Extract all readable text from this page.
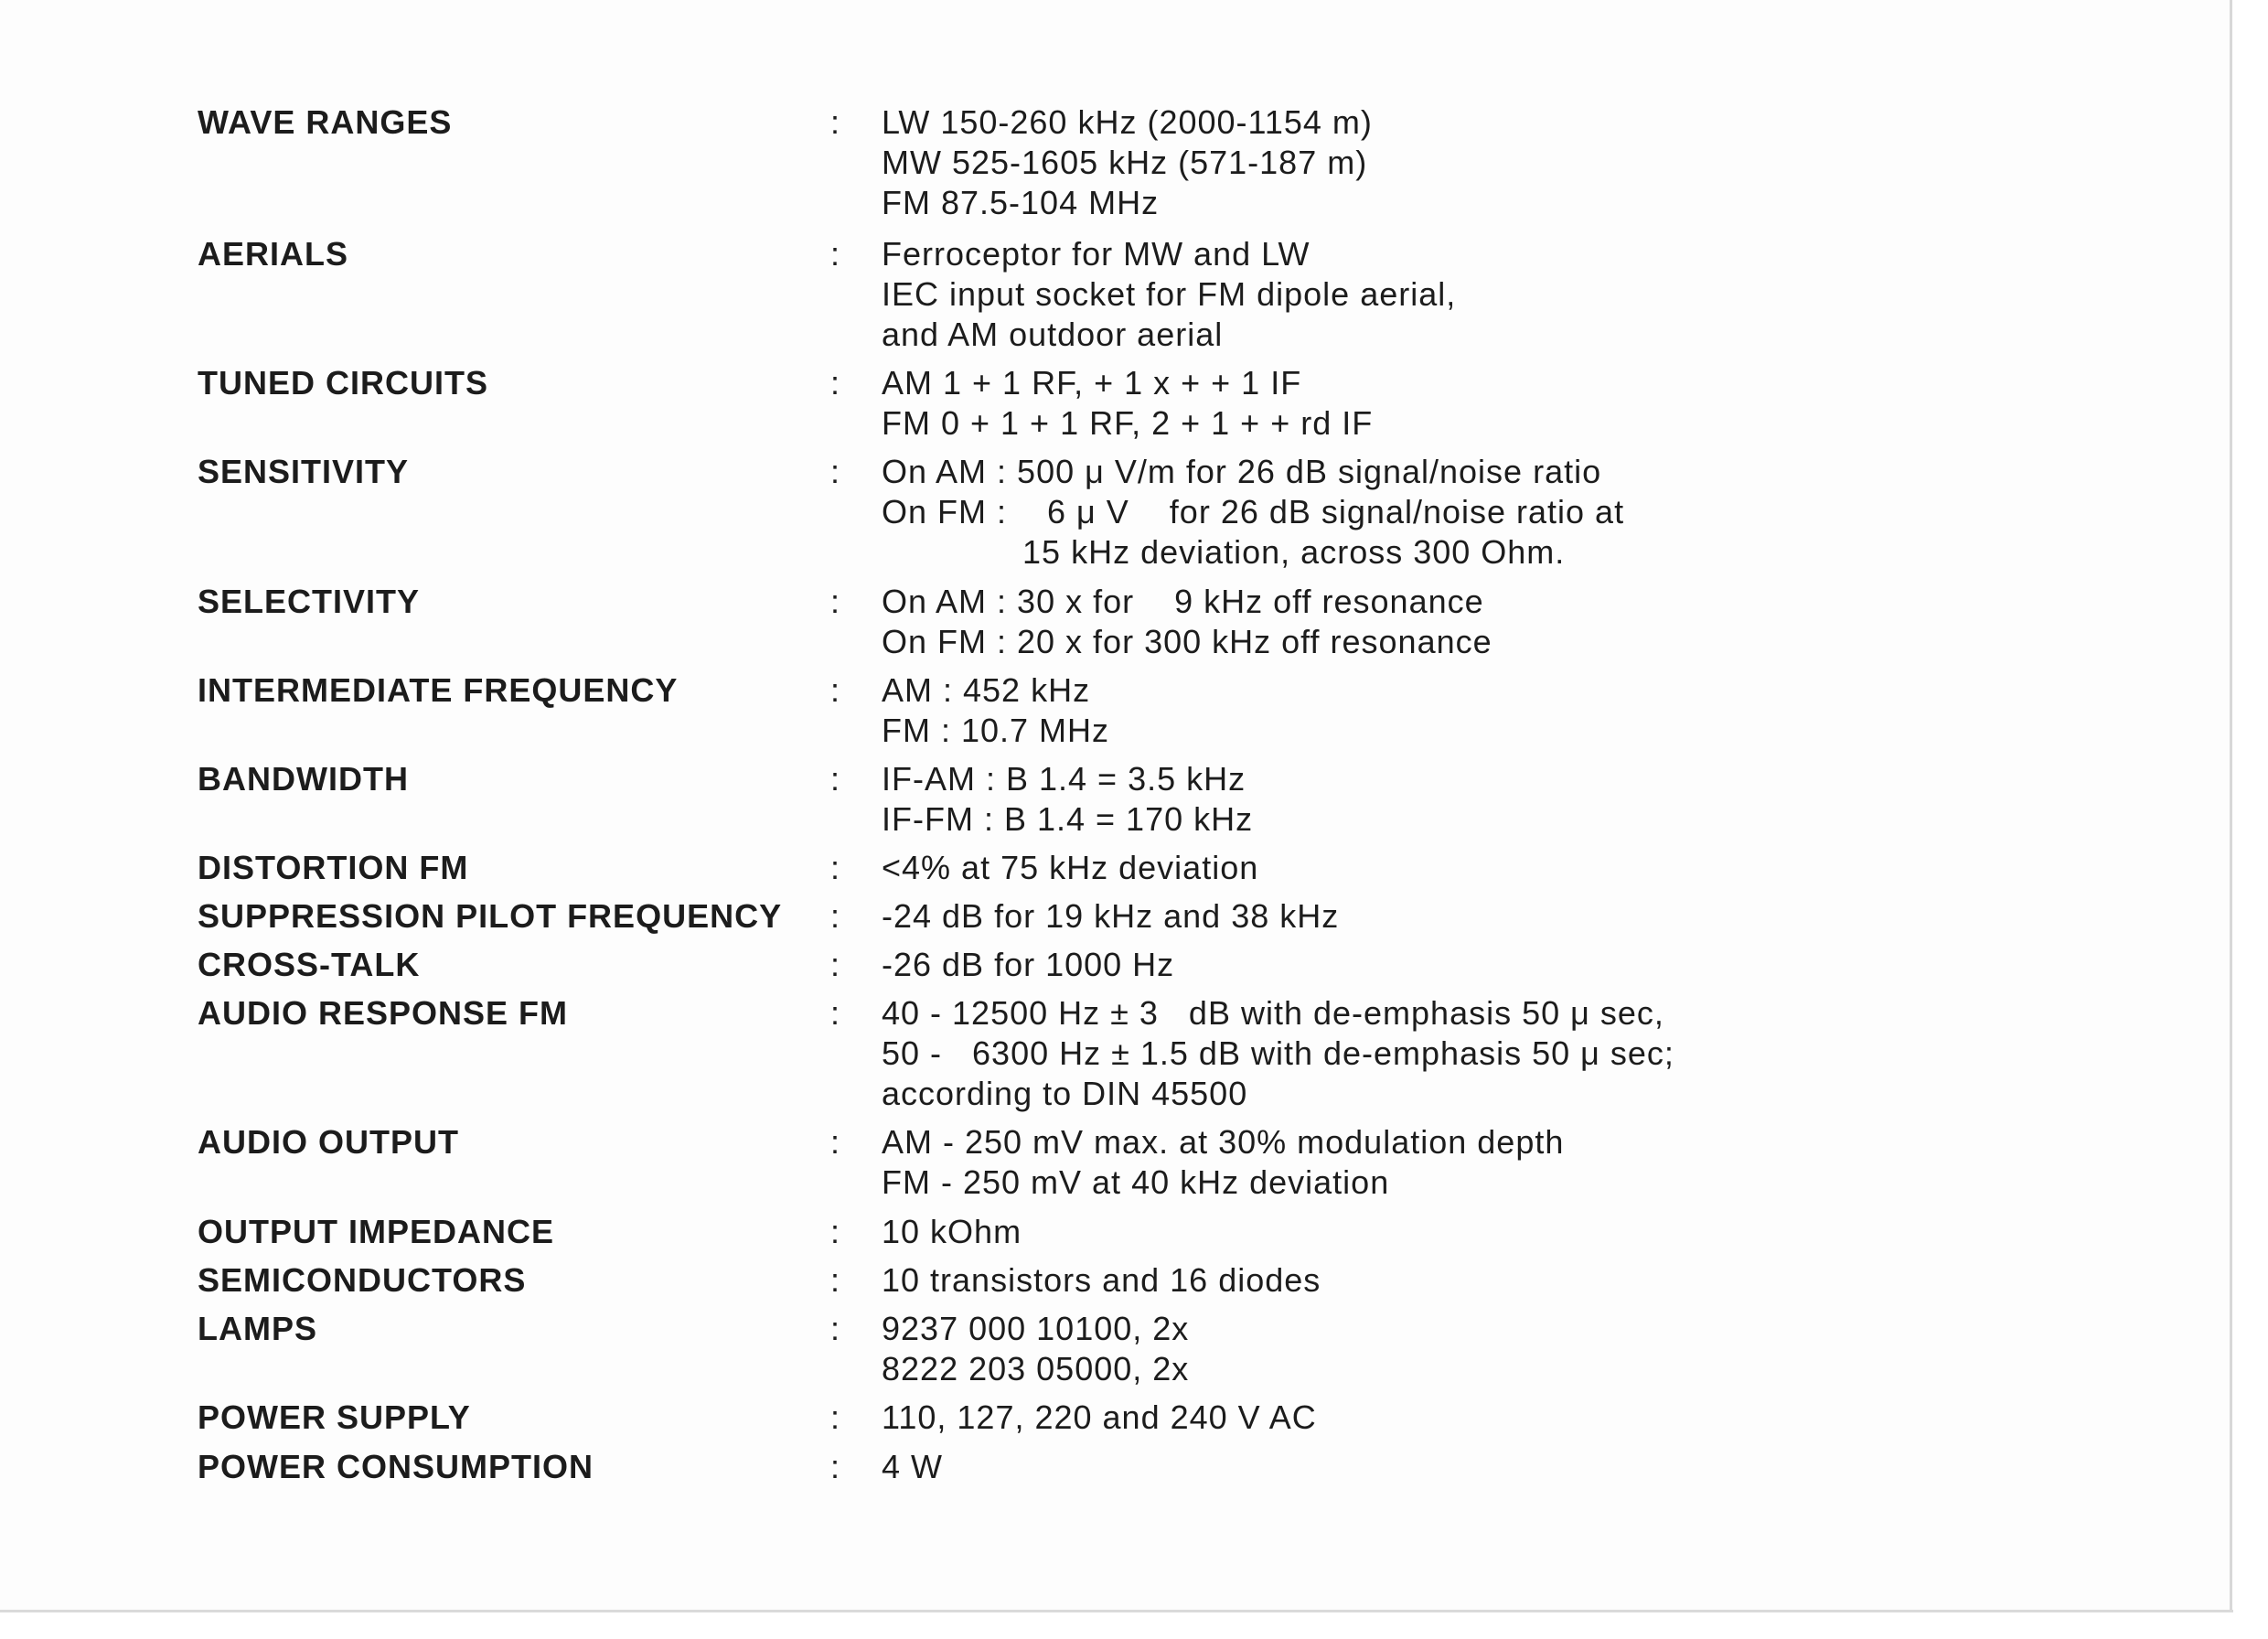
WAVE RANGES	: LW 150-260 kHz (2000-1154 m)
MW 525-1605 kHz (571-187 m)
FM 87.5-104 MHz
AERIALS	: Ferroceptor for MW and LW
IEC input socket for FM dipole aerial,
and AM outdoor aerial
TUNED CIRCUITS	: AM 1 + 1 RF, + 1 x + + 1 IF
FM 0 + 1 + 1 RF, 2 + 1 + + rd IF
SENSITIVITY	: On AM : 500 μ V/m for 26 dB signal/noise ratio
On FM :    6 μ V    for 26 dB signal/noise ratio at
15 kHz deviation, across 300 Ohm.
SELECTIVITY	: On AM : 30 x for    9 kHz off resonance
On FM : 20 x for 300 kHz off resonance
INTERMEDIATE FREQUENCY	: AM : 452 kHz
FM : 10.7 MHz
BANDWIDTH	: IF-AM : B 1.4 = 3.5 kHz
IF-FM : B 1.4 = 170 kHz
DISTORTION FM	: <4% at 75 kHz deviation
SUPPRESSION PILOT FREQUENCY : -24 dB for 19 kHz and 38 kHz
CROSS-TALK	: -26 dB for 1000 Hz
AUDIO RESPONSE FM	: 40 - 12500 Hz ± 3   dB with de-emphasis 50 μ sec,
50 -   6300 Hz ± 1.5 dB with de-emphasis 50 μ sec;
according to DIN 45500
AUDIO OUTPUT	: AM - 250 mV max. at 30% modulation depth
FM - 250 mV at 40 kHz deviation
OUTPUT IMPEDANCE	: 10 kOhm
SEMICONDUCTORS	: 10 transistors and 16 diodes
LAMPS	: 9237 000 10100, 2x
8222 203 05000, 2x
POWER SUPPLY	: 110, 127, 220 and 240 V AC
POWER CONSUMPTION	: 4 W
